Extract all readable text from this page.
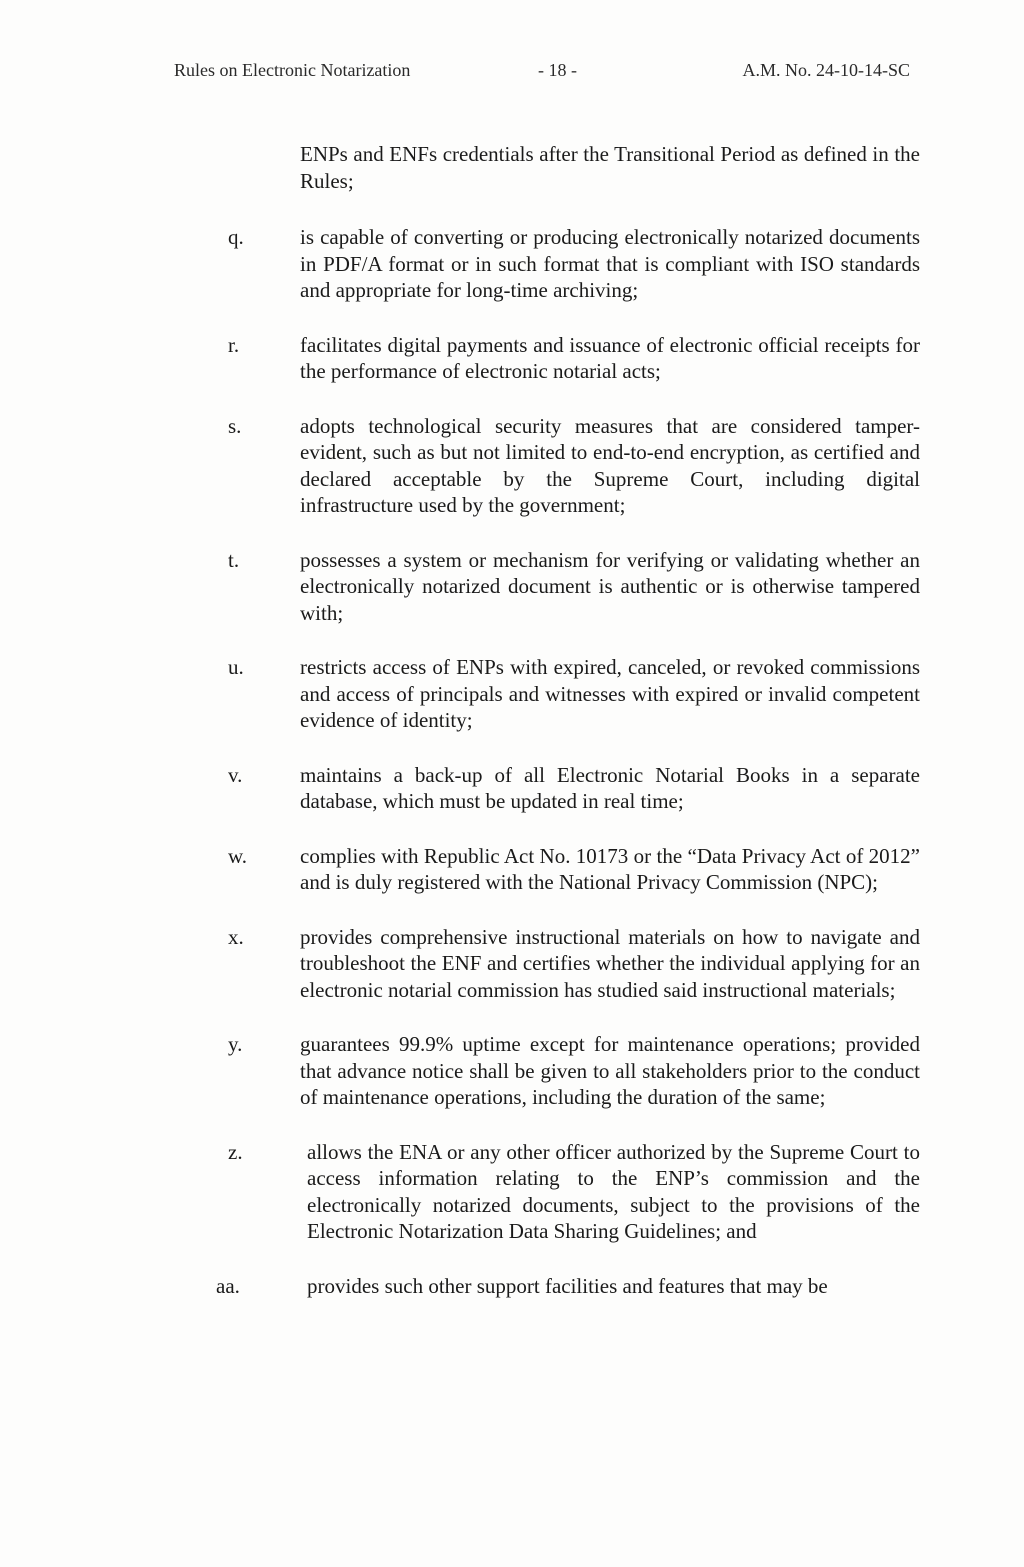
Rules on Electronic Notarization	- 18 -	A.M. No. 24-10-14-SC
ENPs and ENFs credentials after the Transitional Period as defined in the Rules;
q.	is capable of converting or producing electronically notarized documents in PDF/A format or in such format that is compliant with ISO standards and appropriate for long-time archiving;
r.	facilitates digital payments and issuance of electronic official receipts for the performance of electronic notarial acts;
s.	adopts technological security measures that are considered tamper-evident, such as but not limited to end-to-end encryption, as certified and declared acceptable by the Supreme Court, including digital infrastructure used by the government;
t.	possesses a system or mechanism for verifying or validating whether an electronically notarized document is authentic or is otherwise tampered with;
u.	restricts access of ENPs with expired, canceled, or revoked commissions and access of principals and witnesses with expired or invalid competent evidence of identity;
v.	maintains a back-up of all Electronic Notarial Books in a separate database, which must be updated in real time;
w.	complies with Republic Act No. 10173 or the “Data Privacy Act of 2012” and is duly registered with the National Privacy Commission (NPC);
x.	provides comprehensive instructional materials on how to navigate and troubleshoot the ENF and certifies whether the individual applying for an electronic notarial commission has studied said instructional materials;
y.	guarantees 99.9% uptime except for maintenance operations; provided that advance notice shall be given to all stakeholders prior to the conduct of maintenance operations, including the duration of the same;
z.	allows the ENA or any other officer authorized by the Supreme Court to access information relating to the ENP’s commission and the electronically notarized documents, subject to the provisions of the Electronic Notarization Data Sharing Guidelines; and
aa.	provides such other support facilities and features that may be
